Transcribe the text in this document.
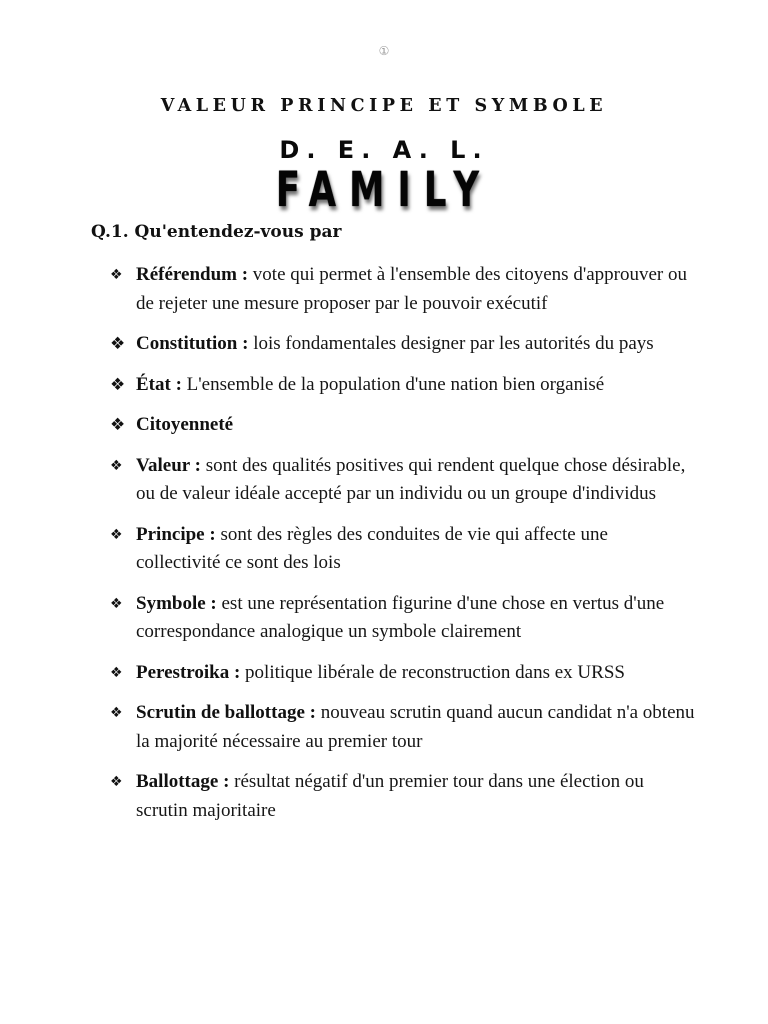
①
VALEUR PRINCIPE ET SYMBOLE
D. E. A. L.
FAMILY
Q.1. Qu'entendez-vous par
❖ Référendum : vote qui permet à l'ensemble des citoyens d'approuver ou de rejeter une mesure proposer par le pouvoir exécutif
❖ Constitution : lois fondamentales designer par les autorités du pays
❖ État : L'ensemble de la population d'une nation bien organisé
❖ Citoyenneté
❖ Valeur : sont des qualités positives qui rendent quelque chose désirable, ou de valeur idéale accepté par un individu ou un groupe d'individus
❖ Principe : sont des règles des conduites de vie qui affecte une collectivité ce sont des lois
❖ Symbole : est une représentation figurine d'une chose en vertus d'une correspondance analogique un symbole clairement
❖ Perestroika : politique libérale de reconstruction dans ex URSS
❖ Scrutin de ballottage : nouveau scrutin quand aucun candidat n'a obtenu la majorité nécessaire au premier tour
❖ Ballottage : résultat négatif d'un premier tour dans une élection ou scrutin majoritaire
